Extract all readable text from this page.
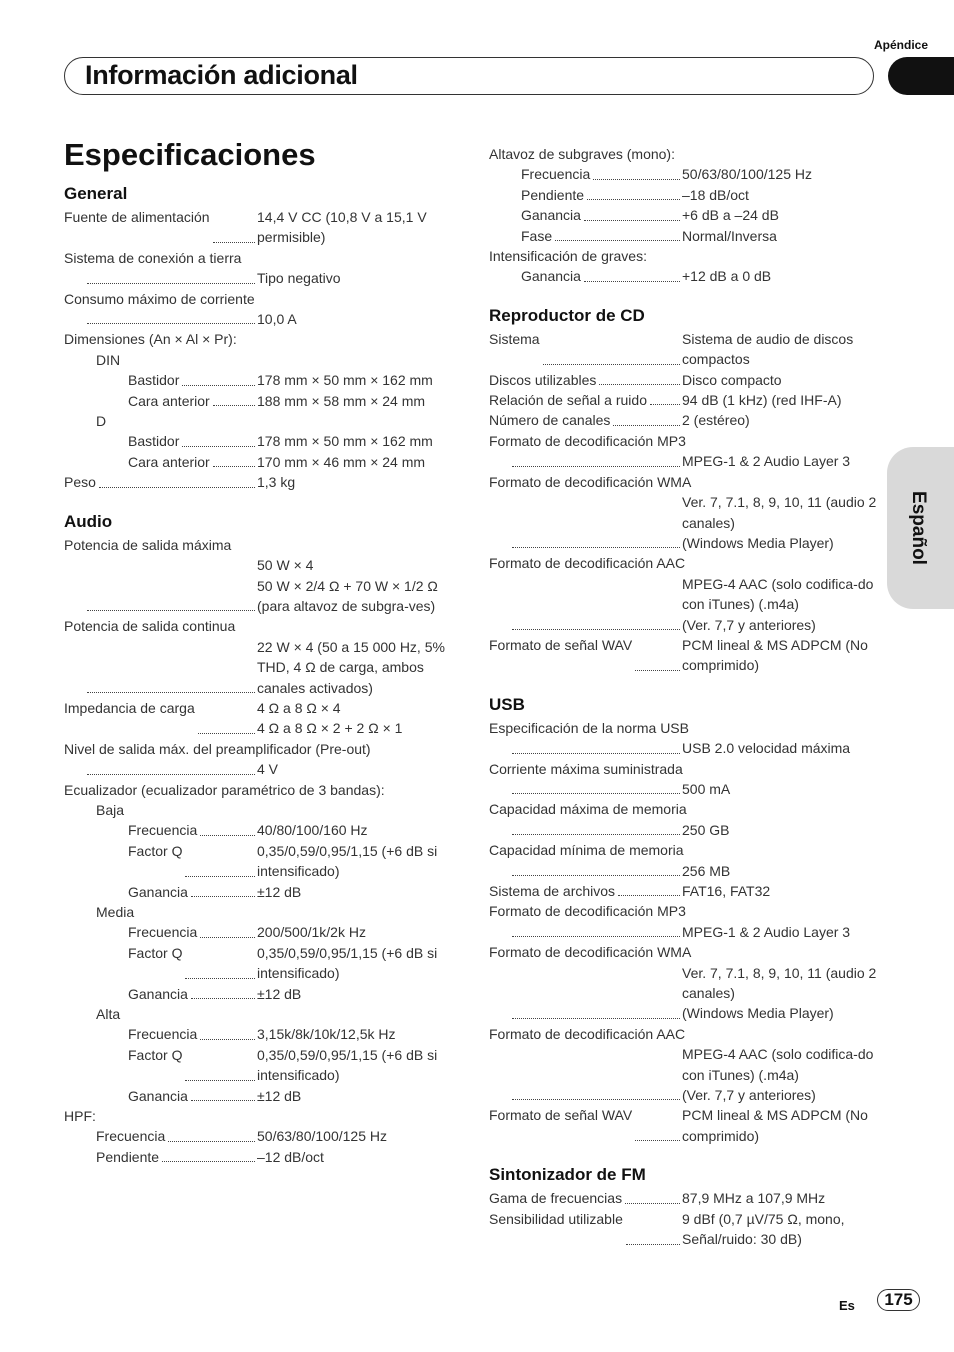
Apéndice
Información adicional
Español
Especificaciones
General
Fuente de alimentación	14,4 V CC (10,8 V a 15,1 V permisible)
Sistema de conexión a tierra
Tipo negativo
Consumo máximo de corriente
10,0 A
Dimensiones (An × Al × Pr):
DIN
Bastidor	178 mm × 50 mm × 162 mm
Cara anterior	188 mm × 58 mm × 24 mm
D
Bastidor	178 mm × 50 mm × 162 mm
Cara anterior	170 mm × 46 mm × 24 mm
Peso	1,3 kg
Audio
Potencia de salida máxima
50 W × 4
50 W × 2/4 Ω + 70 W × 1/2 Ω (para altavoz de subgra-ves)
Potencia de salida continua
22 W × 4 (50 a 15 000 Hz, 5% THD, 4 Ω de carga, ambos canales activados)
Impedancia de carga	4 Ω a 8 Ω × 4
4 Ω a 8 Ω × 2 + 2 Ω × 1
Nivel de salida máx. del preamplificador (Pre-out)
4 V
Ecualizador (ecualizador paramétrico de 3 bandas):
Baja
Frecuencia	40/80/100/160 Hz
Factor Q	0,35/0,59/0,95/1,15 (+6 dB si intensificado)
Ganancia	±12 dB
Media
Frecuencia	200/500/1k/2k Hz
Factor Q	0,35/0,59/0,95/1,15 (+6 dB si intensificado)
Ganancia	±12 dB
Alta
Frecuencia	3,15k/8k/10k/12,5k Hz
Factor Q	0,35/0,59/0,95/1,15 (+6 dB si intensificado)
Ganancia	±12 dB
HPF:
Frecuencia	50/63/80/100/125 Hz
Pendiente	–12 dB/oct
Altavoz de subgraves (mono):
Frecuencia	50/63/80/100/125 Hz
Pendiente	–18 dB/oct
Ganancia	+6 dB a –24 dB
Fase	Normal/Inversa
Intensificación de graves:
Ganancia	+12 dB a 0 dB
Reproductor de CD
Sistema	Sistema de audio de discos compactos
Discos utilizables	Disco compacto
Relación de señal a ruido	94 dB (1 kHz) (red IHF-A)
Número de canales	2 (estéreo)
Formato de decodificación MP3
MPEG-1 & 2 Audio Layer 3
Formato de decodificación WMA
Ver. 7, 7.1, 8, 9, 10, 11 (audio 2 canales)
(Windows Media Player)
Formato de decodificación AAC
MPEG-4 AAC (solo codifica-do con iTunes) (.m4a)
(Ver. 7,7 y anteriores)
Formato de señal WAV	PCM lineal & MS ADPCM (No comprimido)
USB
Especificación de la norma USB
USB 2.0 velocidad máxima
Corriente máxima suministrada
500 mA
Capacidad máxima de memoria
250 GB
Capacidad mínima de memoria
256 MB
Sistema de archivos	FAT16, FAT32
Formato de decodificación MP3
MPEG-1 & 2 Audio Layer 3
Formato de decodificación WMA
Ver. 7, 7.1, 8, 9, 10, 11 (audio 2 canales)
(Windows Media Player)
Formato de decodificación AAC
MPEG-4 AAC (solo codifica-do con iTunes) (.m4a)
(Ver. 7,7 y anteriores)
Formato de señal WAV	PCM lineal & MS ADPCM (No comprimido)
Sintonizador de FM
Gama de frecuencias	87,9 MHz a 107,9 MHz
Sensibilidad utilizable	9 dBf (0,7 µV/75 Ω, mono, Señal/ruido: 30 dB)
Es	175
